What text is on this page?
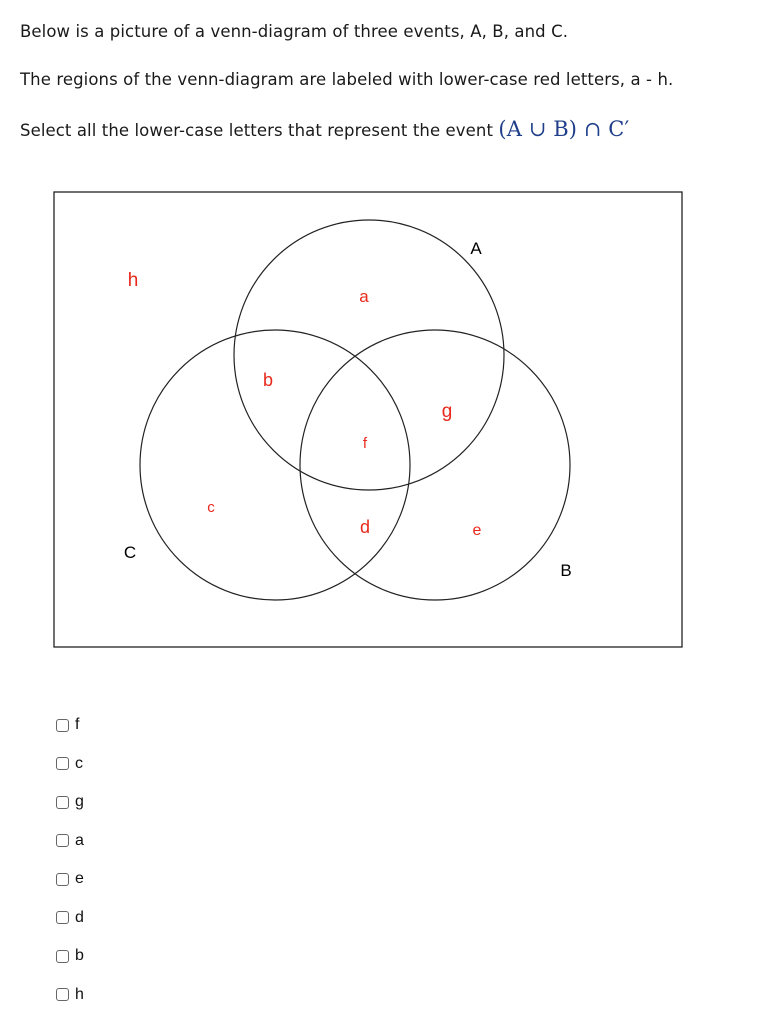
Below is a picture of a venn-diagram of three events, A, B, and C.
The regions of the venn-diagram are labeled with lower-case red letters, a - h.
Select all the lower-case letters that represent the event (A ∪ B) ∩ C′
A
B
C
h
a
b
g
f
c
d	e
f
c
g
a
e
d
b
h
